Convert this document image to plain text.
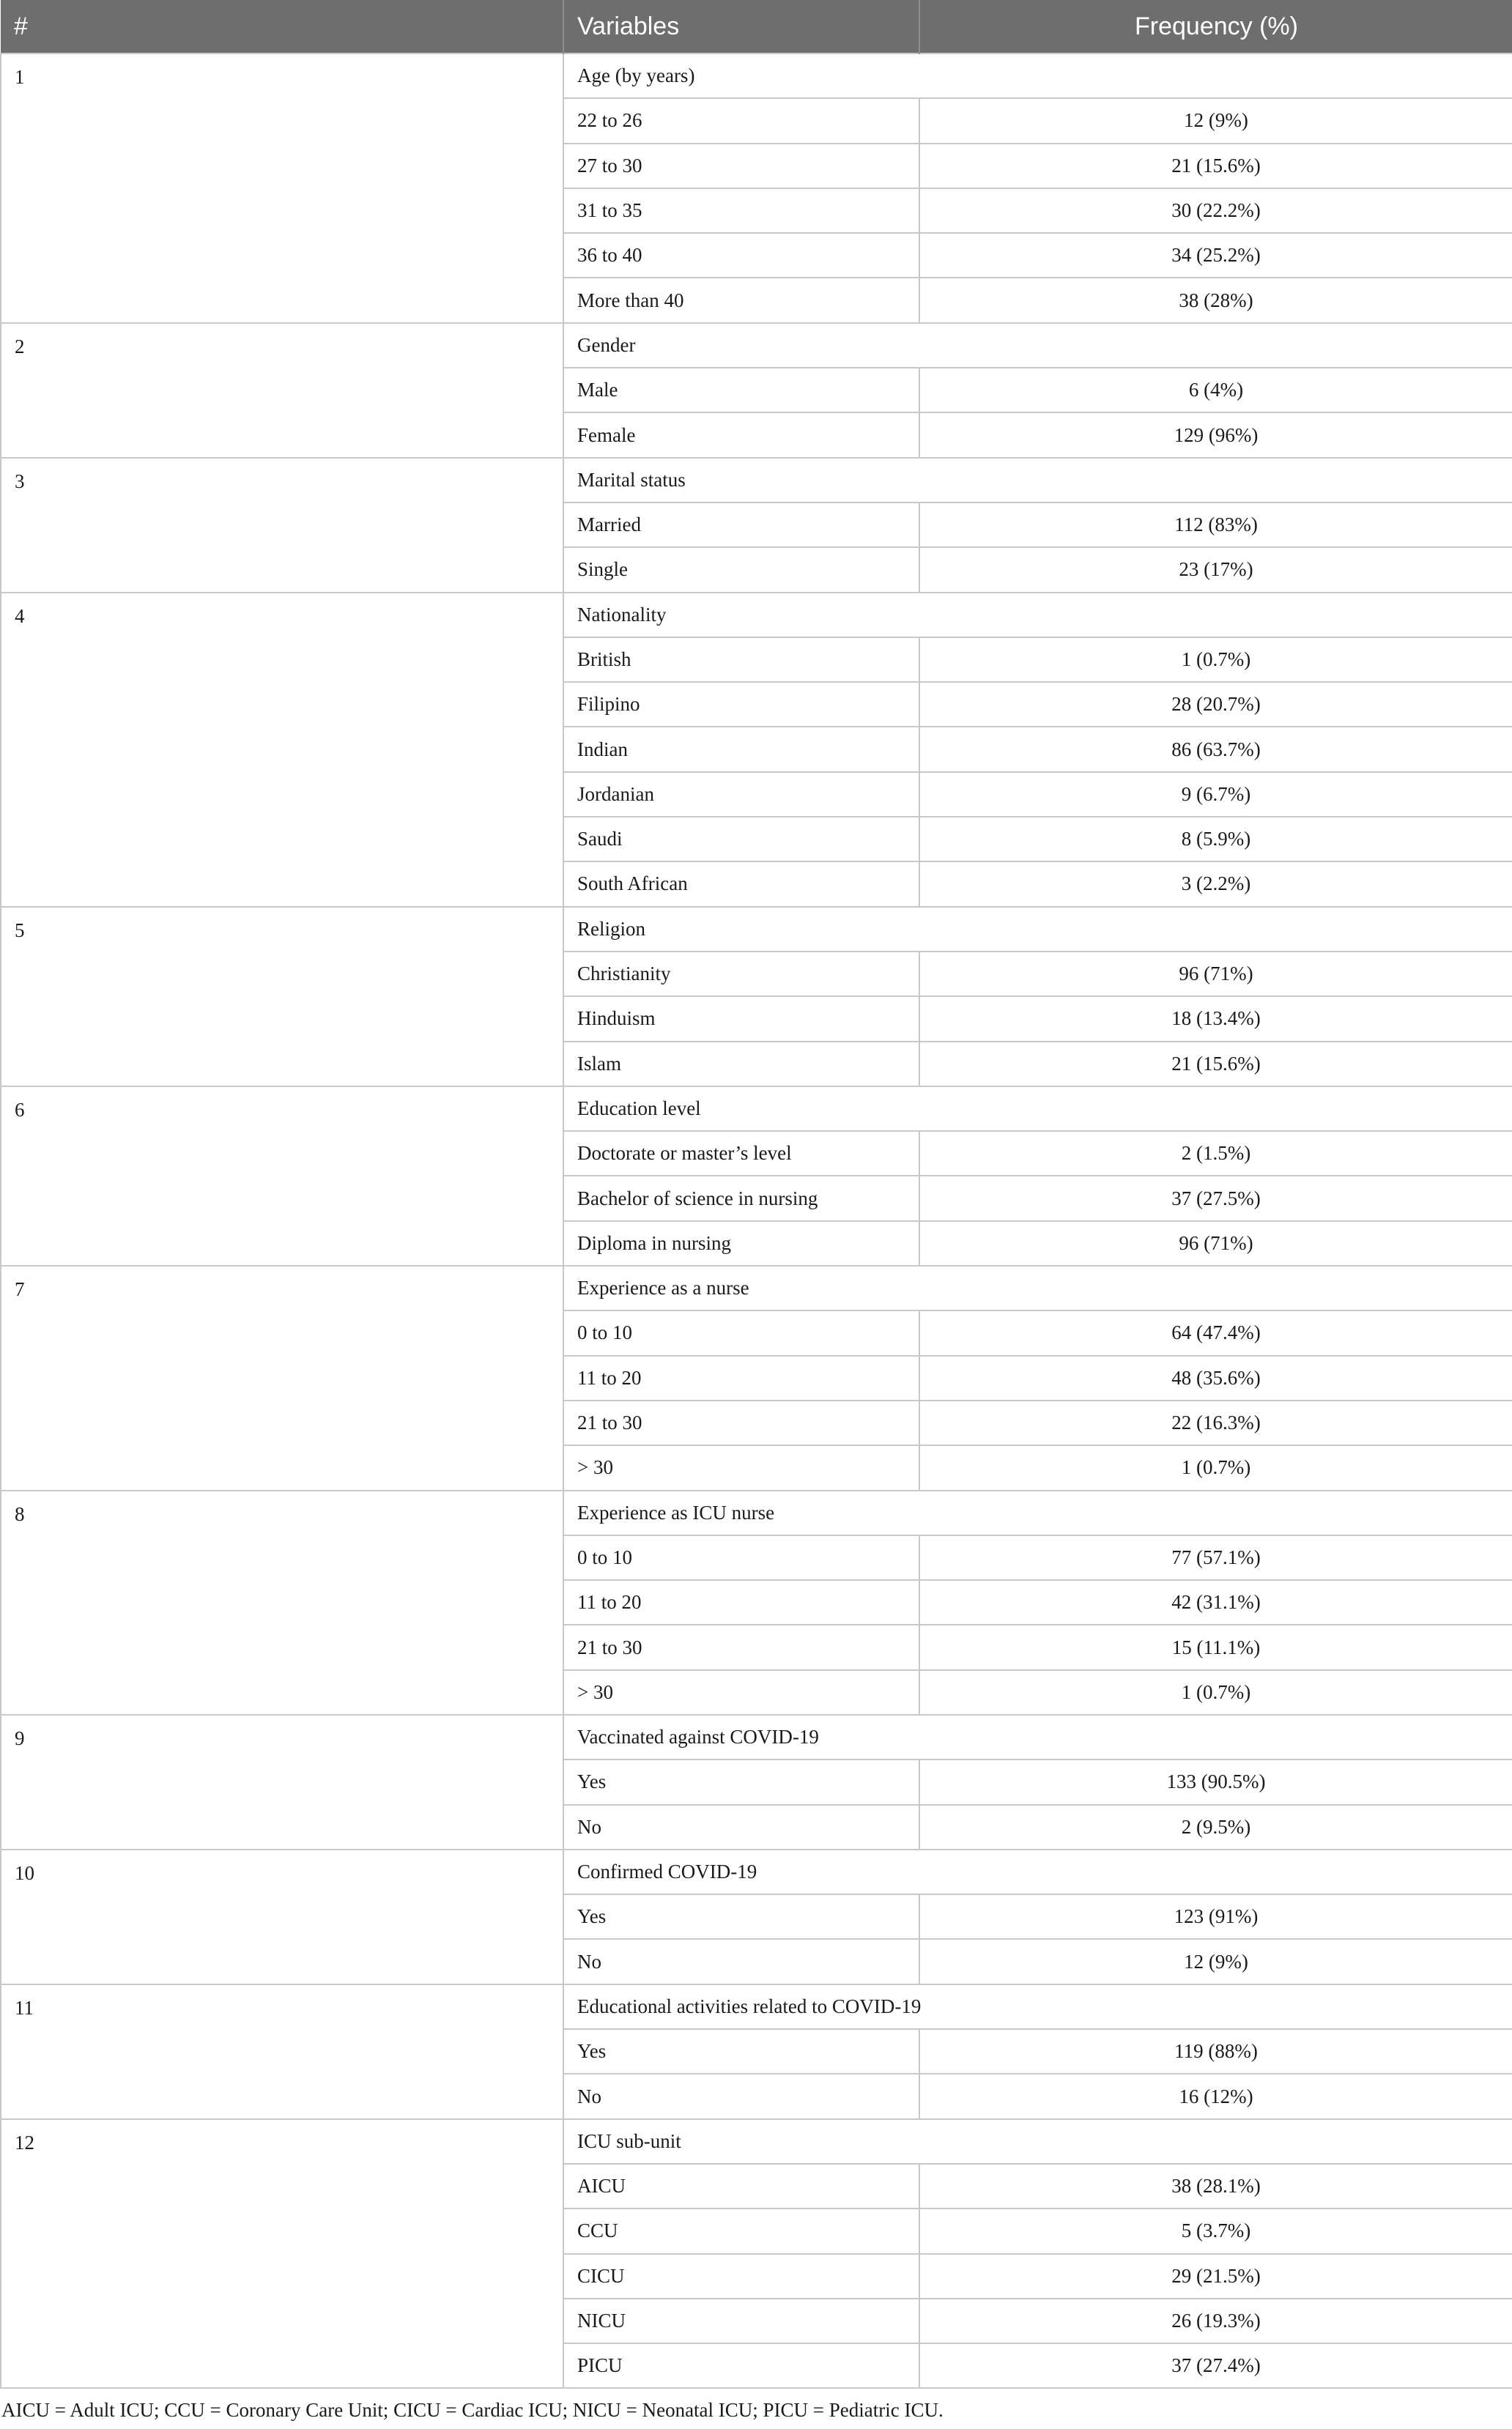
#	Variables	Frequency (%)
1	Age (by years)	
	22 to 26	12 (9%)
	27 to 30	21 (15.6%)
	31 to 35	30 (22.2%)
	36 to 40	34 (25.2%)
	More than 40	38 (28%)
2	Gender	
	Male	6 (4%)
	Female	129 (96%)
3	Marital status	
	Married	112 (83%)
	Single	23 (17%)
4	Nationality	
	British	1 (0.7%)
	Filipino	28 (20.7%)
	Indian	86 (63.7%)
	Jordanian	9 (6.7%)
	Saudi	8 (5.9%)
	South African	3 (2.2%)
5	Religion	
	Christianity	96 (71%)
	Hinduism	18 (13.4%)
	Islam	21 (15.6%)
6	Education level	
	Doctorate or master’s level	2 (1.5%)
	Bachelor of science in nursing	37 (27.5%)
	Diploma in nursing	96 (71%)
7	Experience as a nurse	
	0 to 10	64 (47.4%)
	11 to 20	48 (35.6%)
	21 to 30	22 (16.3%)
	> 30	1 (0.7%)
8	Experience as ICU nurse	
	0 to 10	77 (57.1%)
	11 to 20	42 (31.1%)
	21 to 30	15 (11.1%)
	> 30	1 (0.7%)
9	Vaccinated against COVID-19	
	Yes	133 (90.5%)
	No	2 (9.5%)
10	Confirmed COVID-19	
	Yes	123 (91%)
	No	12 (9%)
11	Educational activities related to COVID-19	
	Yes	119 (88%)
	No	16 (12%)
12	ICU sub-unit	
	AICU	38 (28.1%)
	CCU	5 (3.7%)
	CICU	29 (21.5%)
	NICU	26 (19.3%)
	PICU	37 (27.4%)
AICU = Adult ICU; CCU = Coronary Care Unit; CICU = Cardiac ICU; NICU = Neonatal ICU; PICU = Pediatric ICU.
